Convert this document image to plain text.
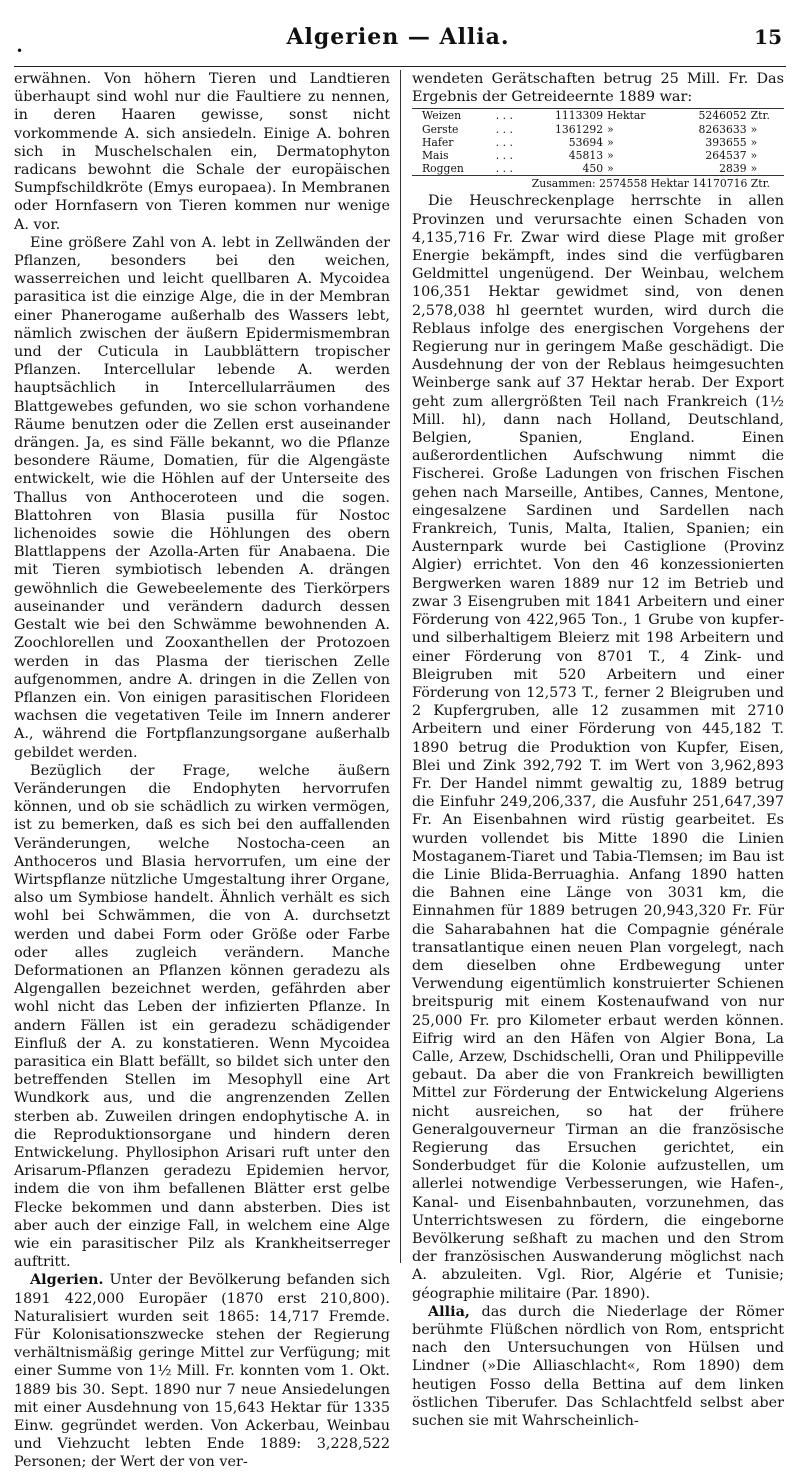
•
Algerien — Allia.	15

erwähnen. Von höhern Tieren und Landtieren überhaupt sind wohl nur die Faultiere zu nennen, in deren Haaren gewisse, sonst nicht vorkommende A. sich ansiedeln. Einige A. bohren sich in Muschelschalen ein, Dermatophyton radicans bewohnt die Schale der europäischen Sumpfschildkröte (Emys europaea). In Membranen oder Hornfasern von Tieren kommen nur wenige A. vor.

Eine größere Zahl von A. lebt in Zellwänden der Pflanzen, besonders bei den weichen, wasserreichen und leicht quellbaren A. Mycoidea parasitica ist die einzige Alge, die in der Membran einer Phanerogame außerhalb des Wassers lebt, nämlich zwischen der äußern Epidermismembran und der Cuticula in Laubblättern tropischer Pflanzen. Intercellular lebende A. werden hauptsächlich in Intercellularräumen des Blattgewebes gefunden, wo sie schon vorhandene Räume benutzen oder die Zellen erst auseinander drängen. Ja, es sind Fälle bekannt, wo die Pflanze besondere Räume, Domatien, für die Algengäste entwickelt, wie die Höhlen auf der Unterseite des Thallus von Anthoceroteen und die sogen. Blattohren von Blasia pusilla für Nostoc lichenoides sowie die Höhlungen des obern Blattlappens der Azolla-Arten für Anabaena. Die mit Tieren symbiotisch lebenden A. drängen gewöhnlich die Gewebeelemente des Tierkörpers auseinander und verändern dadurch dessen Gestalt wie bei den Schwämme bewohnenden A. Zoochlorellen und Zooxanthellen der Protozoen werden in das Plasma der tierischen Zelle aufgenommen, andre A. dringen in die Zellen von Pflanzen ein. Von einigen parasitischen Florideen wachsen die vegetativen Teile im Innern anderer A., während die Fortpflanzungsorgane außerhalb gebildet werden.

Bezüglich der Frage, welche äußern Veränderungen die Endophyten hervorrufen können, und ob sie schädlich zu wirken vermögen, ist zu bemerken, daß es sich bei den auffallenden Veränderungen, welche Nostocha-ceen an Anthoceros und Blasia hervorrufen, um eine der Wirtspflanze nützliche Umgestaltung ihrer Organe, also um Symbiose handelt. Ähnlich verhält es sich wohl bei Schwämmen, die von A. durchsetzt werden und dabei Form oder Größe oder Farbe oder alles zugleich verändern. Manche Deformationen an Pflanzen können geradezu als Algengallen bezeichnet werden, gefährden aber wohl nicht das Leben der infizierten Pflanze. In andern Fällen ist ein geradezu schädigender Einfluß der A. zu konstatieren. Wenn Mycoidea parasitica ein Blatt befällt, so bildet sich unter den betreffenden Stellen im Mesophyll eine Art Wundkork aus, und die angrenzenden Zellen sterben ab. Zuweilen dringen endophytische A. in die Reproduktionsorgane und hindern deren Entwickelung. Phyllosiphon Arisari ruft unter den Arisarum-Pflanzen geradezu Epidemien hervor, indem die von ihm befallenen Blätter erst gelbe Flecke bekommen und dann absterben. Dies ist aber auch der einzige Fall, in welchem eine Alge wie ein parasitischer Pilz als Krankheitserreger auftritt.

Algerien. Unter der Bevölkerung befanden sich 1891 422,000 Europäer (1870 erst 210,800). Naturalisiert wurden seit 1865: 14,717 Fremde. Für Kolonisationszwecke stehen der Regierung verhältnismäßig geringe Mittel zur Verfügung; mit einer Summe von 1½ Mill. Fr. konnten vom 1. Okt. 1889 bis 30. Sept. 1890 nur 7 neue Ansiedelungen mit einer Ausdehnung von 15,643 Hektar für 1335 Einw. gegründet werden. Von Ackerbau, Weinbau und Viehzucht lebten Ende 1889: 3,228,522 Personen; der Wert der von ver-

wendeten Gerätschaften betrug 25 Mill. Fr. Das Ergebnis der Getreideernte 1889 war:

Weizen	. . .	1113309	Hektar	5246052	Ztr.
Gerste	. . .	1361292	»	8263633	»
Hafer	. . .	53694	»	393655	»
Mais	. . .	45813	»	264537	»
Roggen	. . .	450	»	2839	»
Zusammen: 2574558 Hektar 14170716 Ztr.

Die Heuschreckenplage herrschte in allen Provinzen und verursachte einen Schaden von 4,135,716 Fr. Zwar wird diese Plage mit großer Energie bekämpft, indes sind die verfügbaren Geldmittel ungenügend. Der Weinbau, welchem 106,351 Hektar gewidmet sind, von denen 2,578,038 hl geerntet wurden, wird durch die Reblaus infolge des energischen Vorgehens der Regierung nur in geringem Maße geschädigt. Die Ausdehnung der von der Reblaus heimgesuchten Weinberge sank auf 37 Hektar herab. Der Export geht zum allergrößten Teil nach Frankreich (1½ Mill. hl), dann nach Holland, Deutschland, Belgien, Spanien, England. Einen außerordentlichen Aufschwung nimmt die Fischerei. Große Ladungen von frischen Fischen gehen nach Marseille, Antibes, Cannes, Mentone, eingesalzene Sardinen und Sardellen nach Frankreich, Tunis, Malta, Italien, Spanien; ein Austernpark wurde bei Castiglione (Provinz Algier) errichtet. Von den 46 konzessionierten Bergwerken waren 1889 nur 12 im Betrieb und zwar 3 Eisengruben mit 1841 Arbeitern und einer Förderung von 422,965 Ton., 1 Grube von kupfer- und silberhaltigem Bleierz mit 198 Arbeitern und einer Förderung von 8701 T., 4 Zink- und Bleigruben mit 520 Arbeitern und einer Förderung von 12,573 T., ferner 2 Bleigruben und 2 Kupfergruben, alle 12 zusammen mit 2710 Arbeitern und einer Förderung von 445,182 T. 1890 betrug die Produktion von Kupfer, Eisen, Blei und Zink 392,792 T. im Wert von 3,962,893 Fr. Der Handel nimmt gewaltig zu, 1889 betrug die Einfuhr 249,206,337, die Ausfuhr 251,647,397 Fr. An Eisenbahnen wird rüstig gearbeitet. Es wurden vollendet bis Mitte 1890 die Linien Mostaganem-Tiaret und Tabia-Tlemsen; im Bau ist die Linie Blida-Berruaghia. Anfang 1890 hatten die Bahnen eine Länge von 3031 km, die Einnahmen für 1889 betrugen 20,943,320 Fr. Für die Saharabahnen hat die Compagnie générale transatlantique einen neuen Plan vorgelegt, nach dem dieselben ohne Erdbewegung unter Verwendung eigentümlich konstruierter Schienen breitspurig mit einem Kostenaufwand von nur 25,000 Fr. pro Kilometer erbaut werden können. Eifrig wird an den Häfen von Algier Bona, La Calle, Arzew, Dschidschelli, Oran und Philippeville gebaut. Da aber die von Frankreich bewilligten Mittel zur Förderung der Entwickelung Algeriens nicht ausreichen, so hat der frühere Generalgouverneur Tirman an die französische Regierung das Ersuchen gerichtet, ein Sonderbudget für die Kolonie aufzustellen, um allerlei notwendige Verbesserungen, wie Hafen-, Kanal- und Eisenbahnbauten, vorzunehmen, das Unterrichtswesen zu fördern, die eingeborne Bevölkerung seßhaft zu machen und den Strom der französischen Auswanderung möglichst nach A. abzuleiten. Vgl. Rior, Algérie et Tunisie; géographie militaire (Par. 1890).

Allia, das durch die Niederlage der Römer berühmte Flüßchen nördlich von Rom, entspricht nach den Untersuchungen von Hülsen und Lindner (»Die Alliaschlacht«, Rom 1890) dem heutigen Fosso della Bettina auf dem linken östlichen Tiberufer. Das Schlachtfeld selbst aber suchen sie mit Wahrscheinlich-
